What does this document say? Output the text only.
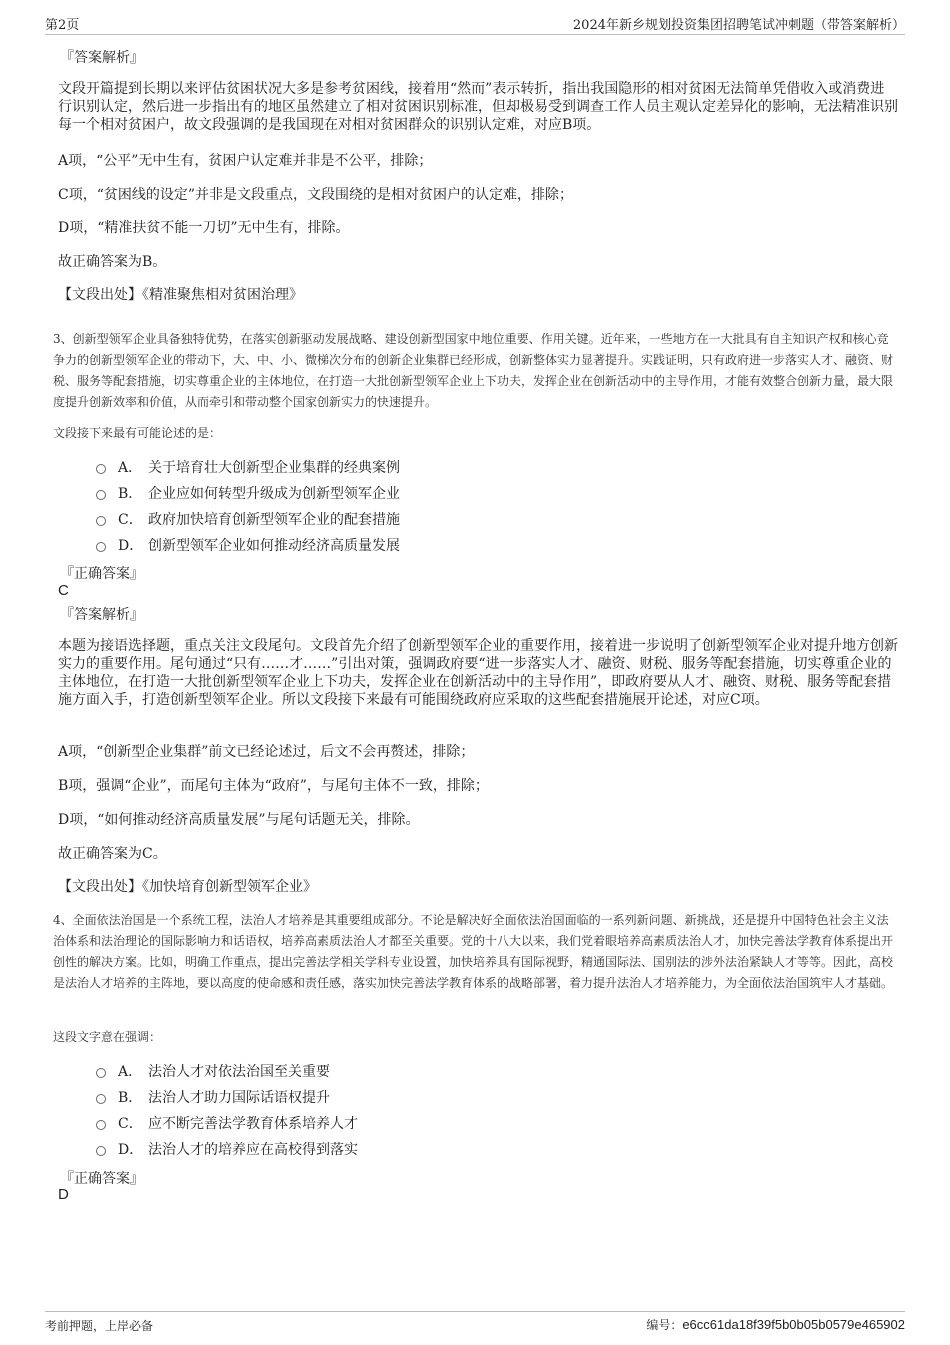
第2页	2024年新乡规划投资集团招聘笔试冲刺题（带答案解析）
『答案解析』
文段开篇提到长期以来评估贫困状况大多是参考贫困线，接着用“然而”表示转折，指出我国隐形的相对贫困无法简单凭借收入或消费进行识别认定，然后进一步指出有的地区虽然建立了相对贫困识别标准，但却极易受到调查工作人员主观认定差异化的影响，无法精准识别每一个相对贫困户，故文段强调的是我国现在对相对贫困群众的识别认定难，对应B项。
A项，“公平”无中生有，贫困户认定难并非是不公平，排除；
C项，“贫困线的设定”并非是文段重点，文段围绕的是相对贫困户的认定难，排除；
D项，“精准扶贫不能一刀切”无中生有，排除。
故正确答案为B。
【文段出处】《精准聚焦相对贫困治理》
3、创新型领军企业具备独特优势，在落实创新驱动发展战略、建设创新型国家中地位重要、作用关键。近年来，一些地方在一大批具有自主知识产权和核心竞争力的创新型领军企业的带动下，大、中、小、微梯次分布的创新企业集群已经形成，创新整体实力显著提升。实践证明，只有政府进一步落实人才、融资、财税、服务等配套措施，切实尊重企业的主体地位，在打造一大批创新型领军企业上下功夫，发挥企业在创新活动中的主导作用，才能有效整合创新力量，最大限度提升创新效率和价值，从而牵引和带动整个国家创新实力的快速提升。
文段接下来最有可能论述的是：
A． 关于培育壮大创新型企业集群的经典案例
B． 企业应如何转型升级成为创新型领军企业
C． 政府加快培育创新型领军企业的配套措施
D． 创新型领军企业如何推动经济高质量发展
『正确答案』
C
『答案解析』
本题为接语选择题，重点关注文段尾句。文段首先介绍了创新型领军企业的重要作用，接着进一步说明了创新型领军企业对提升地方创新实力的重要作用。尾句通过“只有……才……”引出对策，强调政府要“进一步落实人才、融资、财税、服务等配套措施，切实尊重企业的主体地位，在打造一大批创新型领军企业上下功夫，发挥企业在创新活动中的主导作用”，即政府要从人才、融资、财税、服务等配套措施方面入手，打造创新型领军企业。所以文段接下来最有可能围绕政府应采取的这些配套措施展开论述，对应C项。
A项，“创新型企业集群”前文已经论述过，后文不会再赘述，排除；
B项，强调“企业”，而尾句主体为“政府”，与尾句主体不一致，排除；
D项，“如何推动经济高质量发展”与尾句话题无关，排除。
故正确答案为C。
【文段出处】《加快培育创新型领军企业》
4、全面依法治国是一个系统工程，法治人才培养是其重要组成部分。不论是解决好全面依法治国面临的一系列新问题、新挑战，还是提升中国特色社会主义法治体系和法治理论的国际影响力和话语权，培养高素质法治人才都至关重要。党的十八大以来，我们党着眼培养高素质法治人才，加快完善法学教育体系提出开创性的解决方案。比如，明确工作重点，提出完善法学相关学科专业设置，加快培养具有国际视野，精通国际法、国别法的涉外法治紧缺人才等等。因此，高校是法治人才培养的主阵地，要以高度的使命感和责任感，落实加快完善法学教育体系的战略部署，着力提升法治人才培养能力，为全面依法治国筑牢人才基础。
这段文字意在强调：
A． 法治人才对依法治国至关重要
B． 法治人才助力国际话语权提升
C． 应不断完善法学教育体系培养人才
D． 法治人才的培养应在高校得到落实
『正确答案』
D
考前押题，上岸必备	编号：e6cc61da18f39f5b0b05b0579e465902
